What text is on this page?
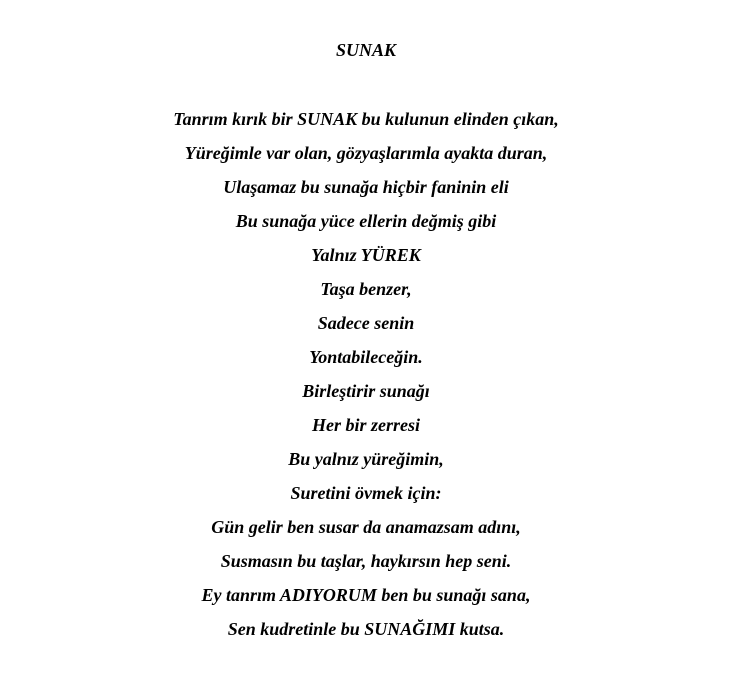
SUNAK
Tanrım kırık bir SUNAK bu kulunun elinden çıkan,
Yüreğimle var olan, gözyaşlarımla ayakta duran,
Ulaşamaz bu sunağa hiçbir faninin eli
Bu sunağa yüce ellerin değmiş gibi
Yalnız YÜREK
Taşa benzer,
Sadece senin
Yontabileceğin.
Birleştirir sunağı
Her bir zerresi
Bu yalnız yüreğimin,
Suretini övmek için:
Gün gelir ben susar da anamazsam adını,
Susmasın bu taşlar, haykırsın hep seni.
Ey tanrım ADIYORUM ben bu sunağı sana,
Sen kudretinle bu SUNAĞIMI kutsa.
